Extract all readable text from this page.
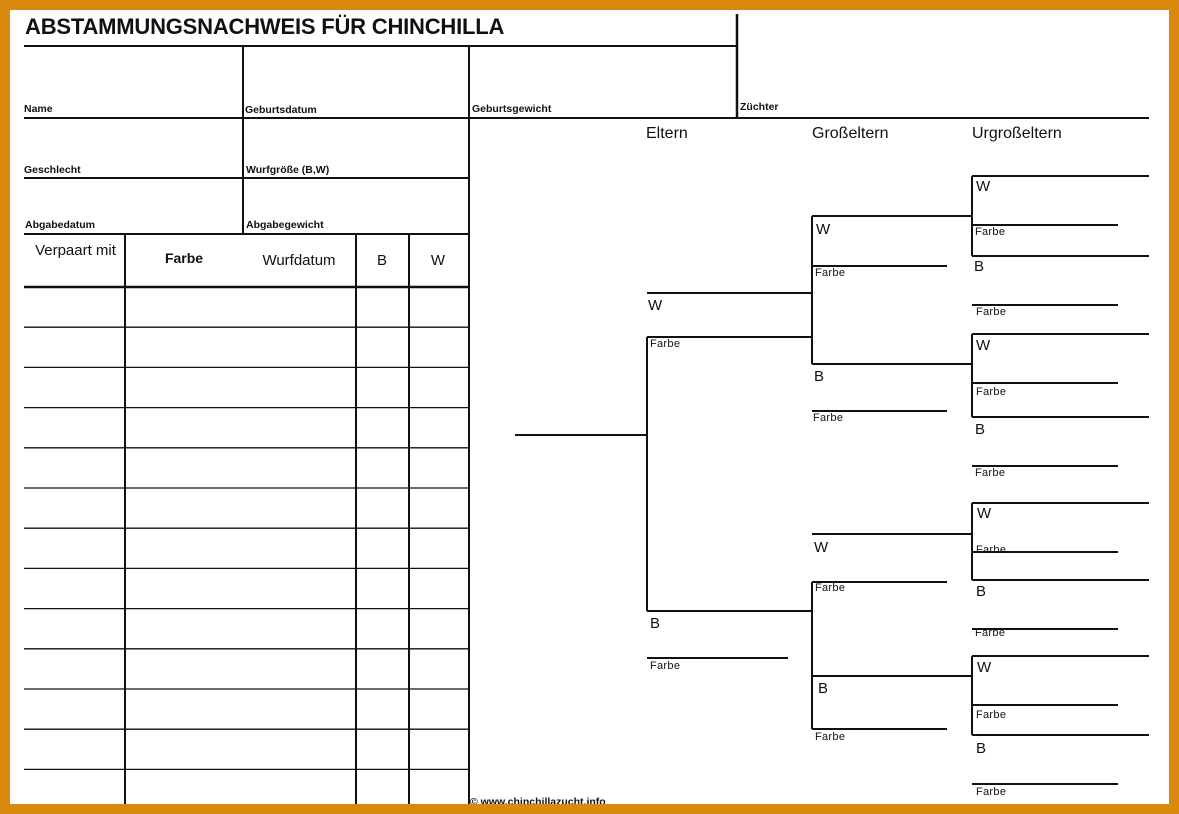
ABSTAMMUNGSNACHWEIS FÜR CHINCHILLA
Name	Geburtsdatum	Geburtsgewicht	Züchter
Geschlecht	Wurfgröße (B,W)
Abgabedatum	Abgabegewicht
Verpaart mit	Farbe	Wurfdatum	B	W
Eltern	Großeltern	Urgroßeltern
W
Farbe
B
Farbe
W
Farbe
B
Farbe
W
Farbe
B
Farbe
W
Farbe
B
Farbe
W
Farbe
B
Farbe
W
Farbe
B
Farbe
W
Farbe
B
Farbe
© www.chinchillazucht.info
